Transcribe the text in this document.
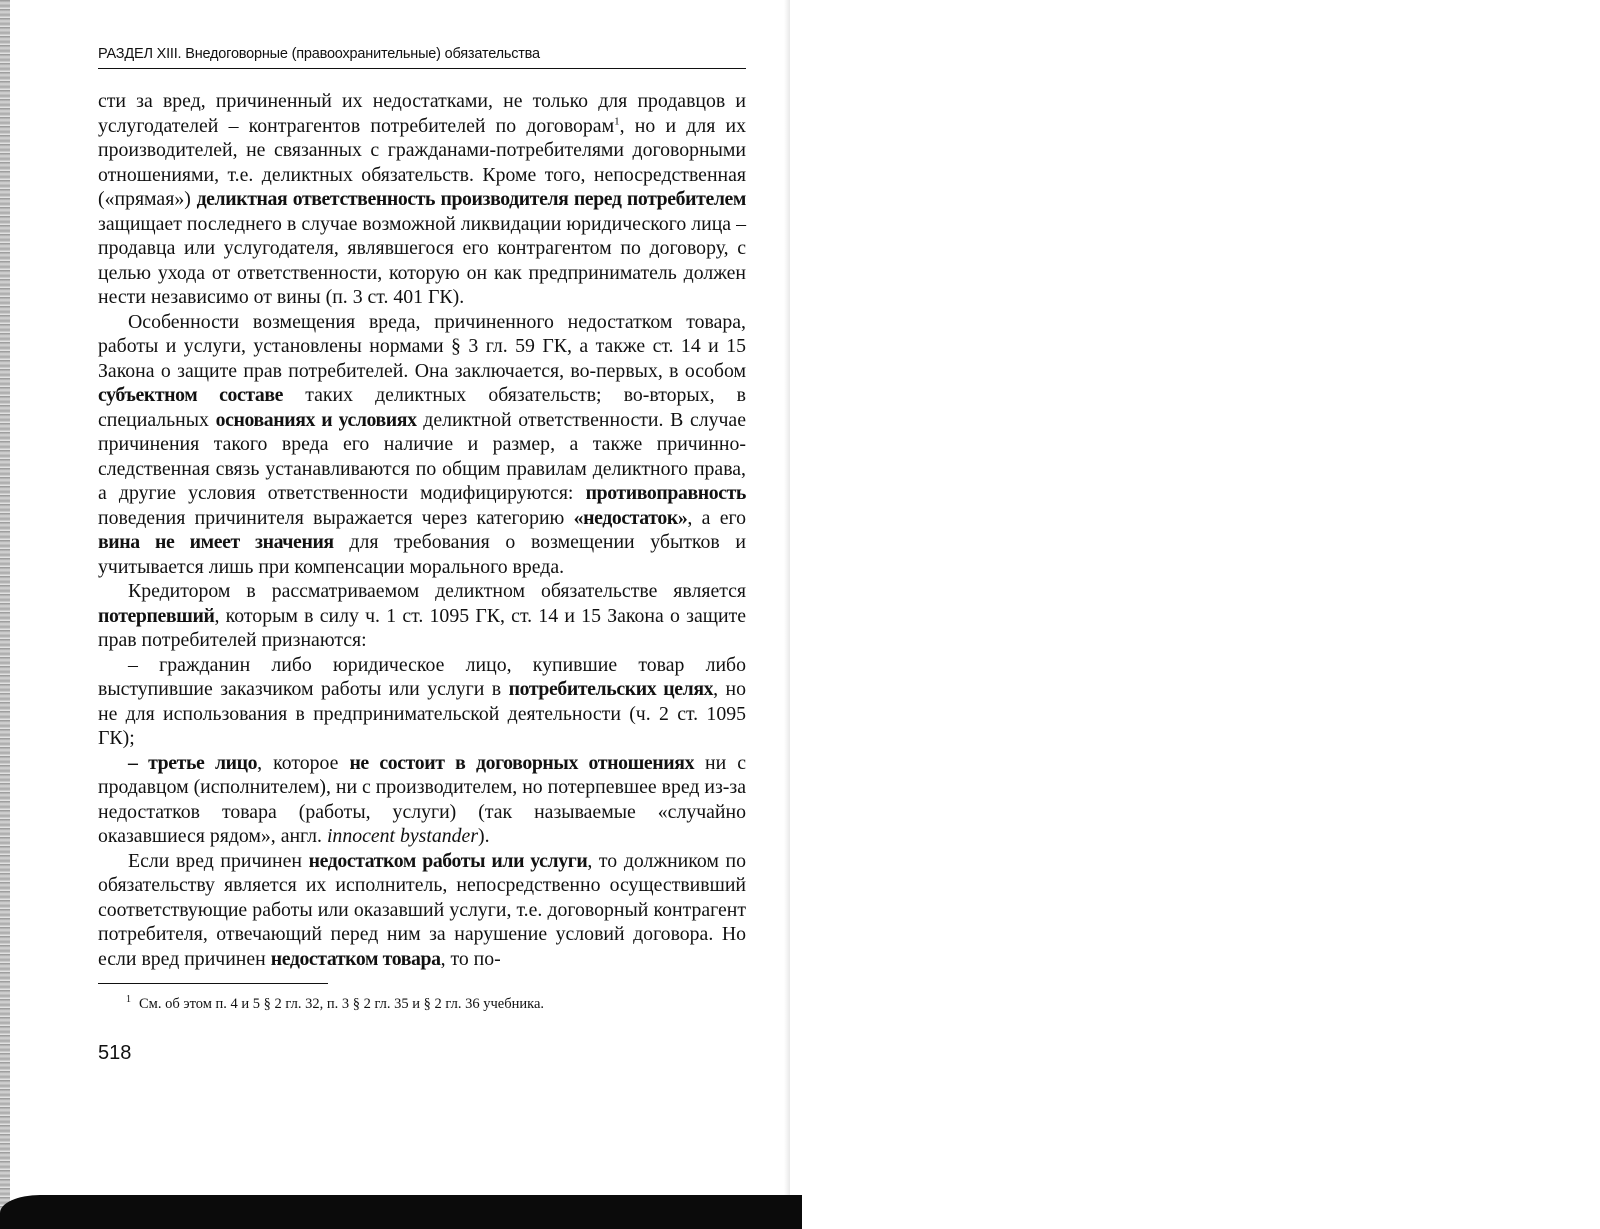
РАЗДЕЛ XIII. Внедоговорные (правоохранительные) обязательства

сти за вред, причиненный их недостатками, не только для продавцов и услугодателей – контрагентов потребителей по договорам$^1$, но и для их производителей, не связанных с гражданами-потребителями договорными отношениями, т.е. деликтных обязательств. Кроме того, непосредственная («прямая») деликтная ответственность производителя перед потребителем защищает последнего в случае возможной ликвидации юридического лица – продавца или услугодателя, являвшегося его контрагентом по договору, с целью ухода от ответственности, которую он как предприниматель должен нести независимо от вины (п. 3 ст. 401 ГК).

Особенности возмещения вреда, причиненного недостатком товара, работы и услуги, установлены нормами § 3 гл. 59 ГК, а также ст. 14 и 15 Закона о защите прав потребителей. Она заключается, во-первых, в особом субъектном составе таких деликтных обязательств; во-вторых, в специальных основаниях и условиях деликтной ответственности. В случае причинения такого вреда его наличие и размер, а также причинно-следственная связь устанавливаются по общим правилам деликтного права, а другие условия ответственности модифицируются: противоправность поведения причинителя выражается через категорию «недостаток», а его вина не имеет значения для требования о возмещении убытков и учитывается лишь при компенсации морального вреда.

Кредитором в рассматриваемом деликтном обязательстве является потерпевший, которым в силу ч. 1 ст. 1095 ГК, ст. 14 и 15 Закона о защите прав потребителей признаются:

– гражданин либо юридическое лицо, купившие товар либо выступившие заказчиком работы или услуги в потребительских целях, но не для использования в предпринимательской деятельности (ч. 2 ст. 1095 ГК);

– третье лицо, которое не состоит в договорных отношениях ни с продавцом (исполнителем), ни с производителем, но потерпевшее вред из-за недостатков товара (работы, услуги) (так называемые «случайно оказавшиеся рядом», англ. innocent bystander).

Если вред причинен недостатком работы или услуги, то должником по обязательству является их исполнитель, непосредственно осуществивший соответствующие работы или оказавший услуги, т.е. договорный контрагент потребителя, отвечающий перед ним за нарушение условий договора. Но если вред причинен недостатком товара, то по-

$^1$ См. об этом п. 4 и 5 § 2 гл. 32, п. 3 § 2 гл. 35 и § 2 гл. 36 учебника.
518
